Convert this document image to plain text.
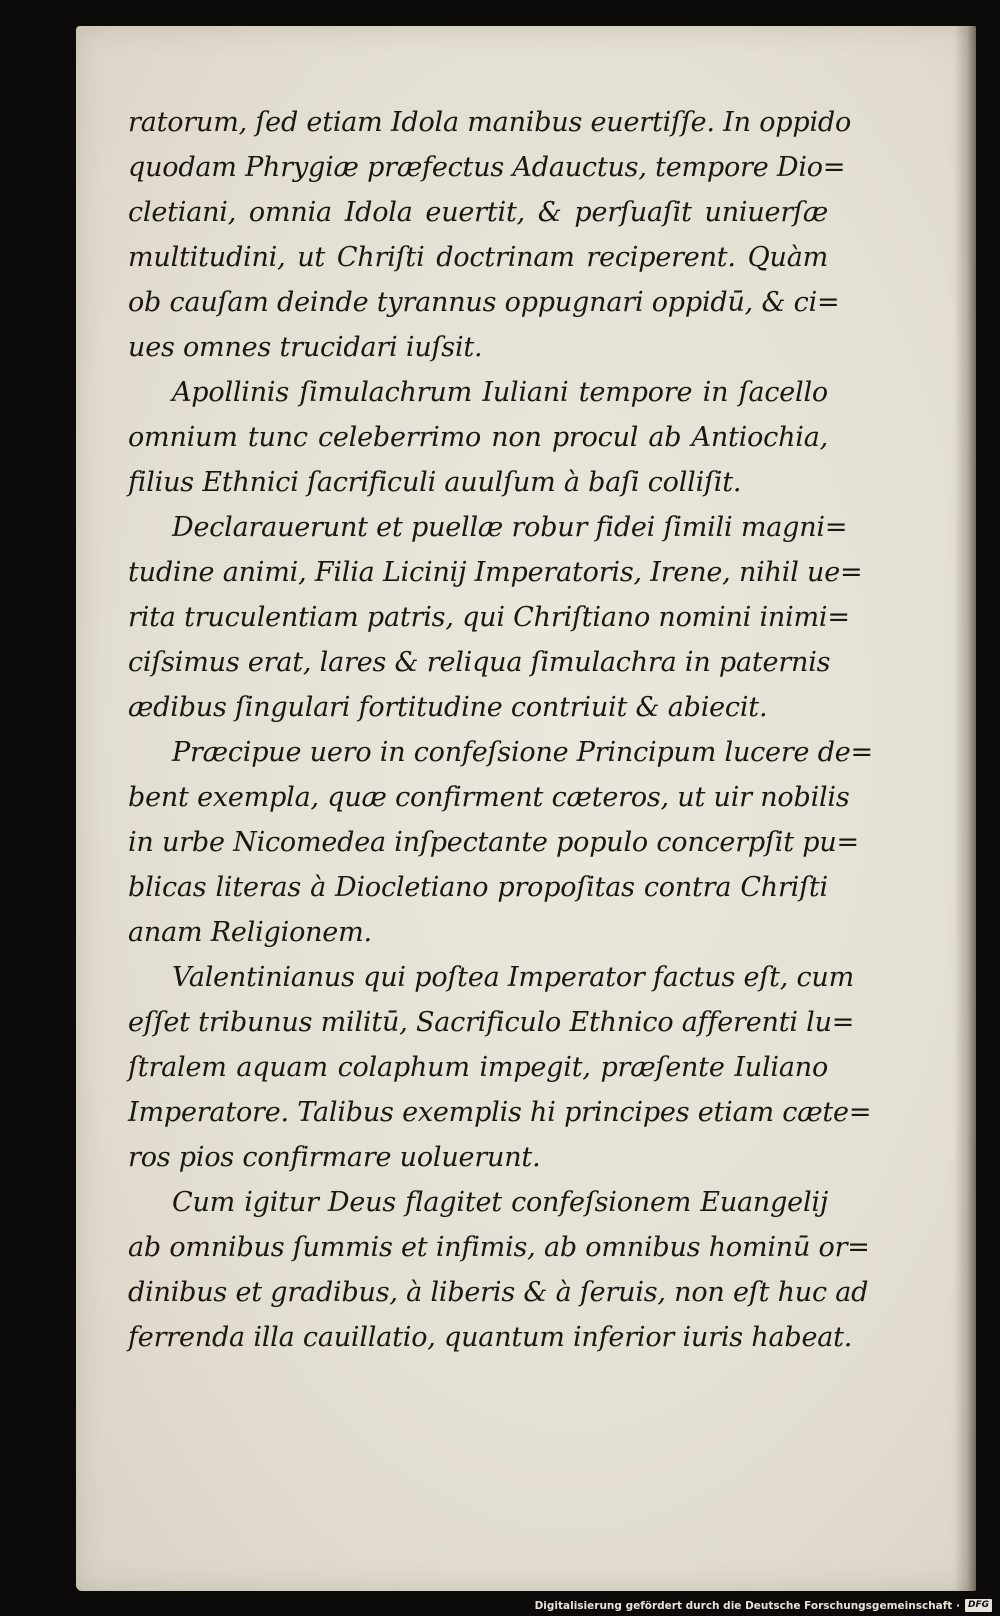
ratorum, ſed etiam Idola manibus euertiſſe. In oppido
quodam Phrygiæ præfectus Adauctus, tempore Dio=
cletiani, omnia Idola euertit, & perſuaſit uniuerſæ
multitudini, ut Chriſti doctrinam reciperent. Quàm
ob cauſam deinde tyrannus oppugnari oppidū, & ci=
ues omnes trucidari iuſsit.
Apollinis ſimulachrum Iuliani tempore in ſacello
omnium tunc celeberrimo non procul ab Antiochia,
filius Ethnici ſacrificuli auulſum à baſi colliſit.
Declarauerunt et puellæ robur fidei ſimili magni=
tudine animi, Filia Licinij Imperatoris, Irene, nihil ue=
rita truculentiam patris, qui Chriſtiano nomini inimi=
ciſsimus erat, lares & reliqua ſimulachra in paternis
ædibus ſingulari fortitudine contriuit & abiecit.
Præcipue uero in confeſsione Principum lucere de=
bent exempla, quæ confirment cæteros, ut uir nobilis
in urbe Nicomedea inſpectante populo concerpſit pu=
blicas literas à Diocletiano propoſitas contra Chriſti
anam Religionem.
Valentinianus qui poſtea Imperator factus eſt, cum
eſſet tribunus militū, Sacrificulo Ethnico afferenti lu=
ſtralem aquam colaphum impegit, præſente Iuliano
Imperatore. Talibus exemplis hi principes etiam cæte=
ros pios confirmare uoluerunt.
Cum igitur Deus flagitet confeſsionem Euangelij
ab omnibus ſummis et infimis, ab omnibus hominū or=
dinibus et gradibus, à liberis & à ſeruis, non eſt huc ad
ferrenda illa cauillatio, quantum inferior iuris habeat.
Digitalisierung gefördert durch die Deutsche Forschungsgemeinschaft · DFG
